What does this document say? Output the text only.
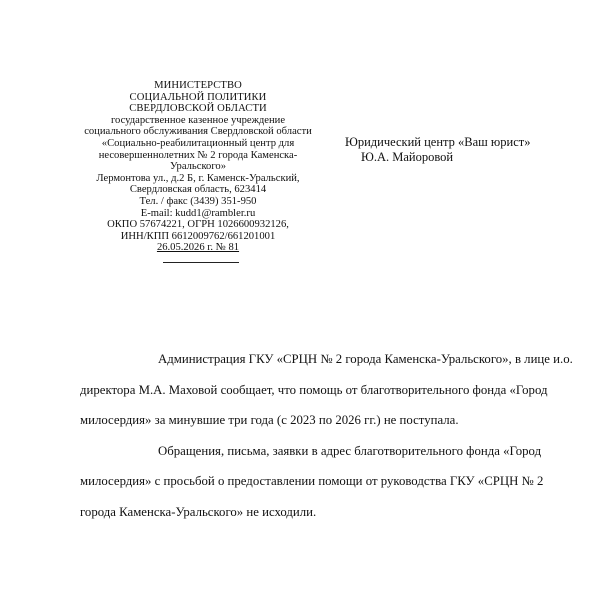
МИНИСТЕРСТВО
СОЦИАЛЬНОЙ ПОЛИТИКИ
СВЕРДЛОВСКОЙ ОБЛАСТИ
государственное казенное учреждение
социального обслуживания Свердловской области
«Социально-реабилитационный центр для
несовершеннолетних № 2 города Каменска-
Уральского»
Лермонтова ул., д.2 Б, г. Каменск-Уральский,
Свердловская область, 623414
Тел. / факс (3439) 351-950
E-mail: kudd1@rambler.ru
ОКПО 57674221, ОГРН 1026600932126,
ИНН/КПП 6612009762/661201001
26.05.2026 г. № 81
Юридический центр «Ваш юрист»
Ю.А. Майоровой
Администрация ГКУ «СРЦН № 2 города Каменска-Уральского», в лице и.о.
директора М.А. Маховой сообщает, что помощь от благотворительного фонда «Город
милосердия» за минувшие три года (с 2023 по 2026 гг.) не поступала.
Обращения, письма, заявки в адрес благотворительного фонда «Город
милосердия» с просьбой о предоставлении помощи от руководства ГКУ «СРЦН № 2
города Каменска-Уральского» не исходили.
